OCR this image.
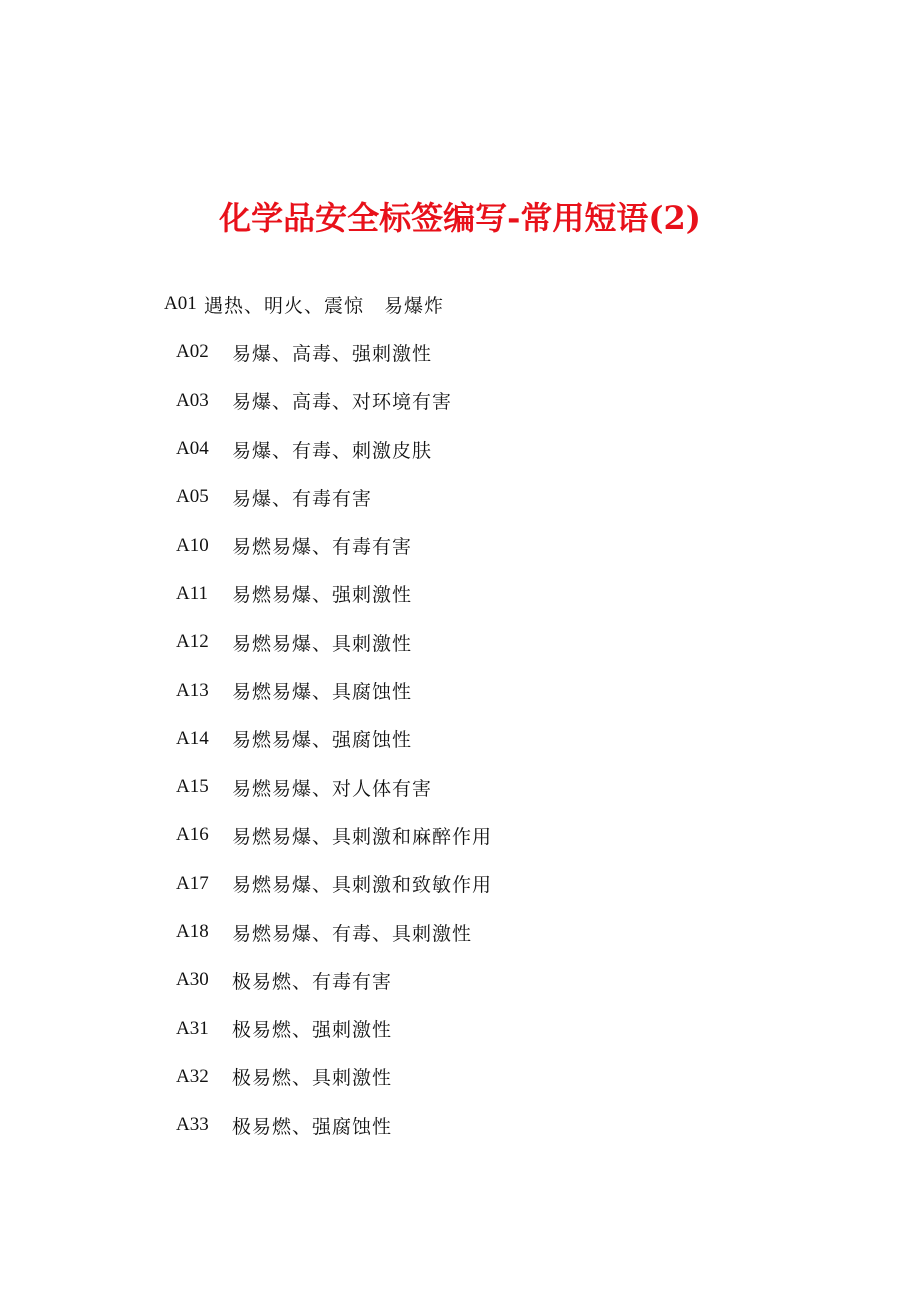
化学品安全标签编写-常用短语(2)
A01 遇热、明火、震惊　易爆炸
A02	易爆、高毒、强刺激性
A03	易爆、高毒、对环境有害
A04	易爆、有毒、刺激皮肤
A05	易爆、有毒有害
A10	易燃易爆、有毒有害
A11	易燃易爆、强刺激性
A12	易燃易爆、具刺激性
A13	易燃易爆、具腐蚀性
A14	易燃易爆、强腐蚀性
A15	易燃易爆、对人体有害
A16	易燃易爆、具刺激和麻醉作用
A17	易燃易爆、具刺激和致敏作用
A18	易燃易爆、有毒、具刺激性
A30	极易燃、有毒有害
A31	极易燃、强刺激性
A32	极易燃、具刺激性
A33	极易燃、强腐蚀性
